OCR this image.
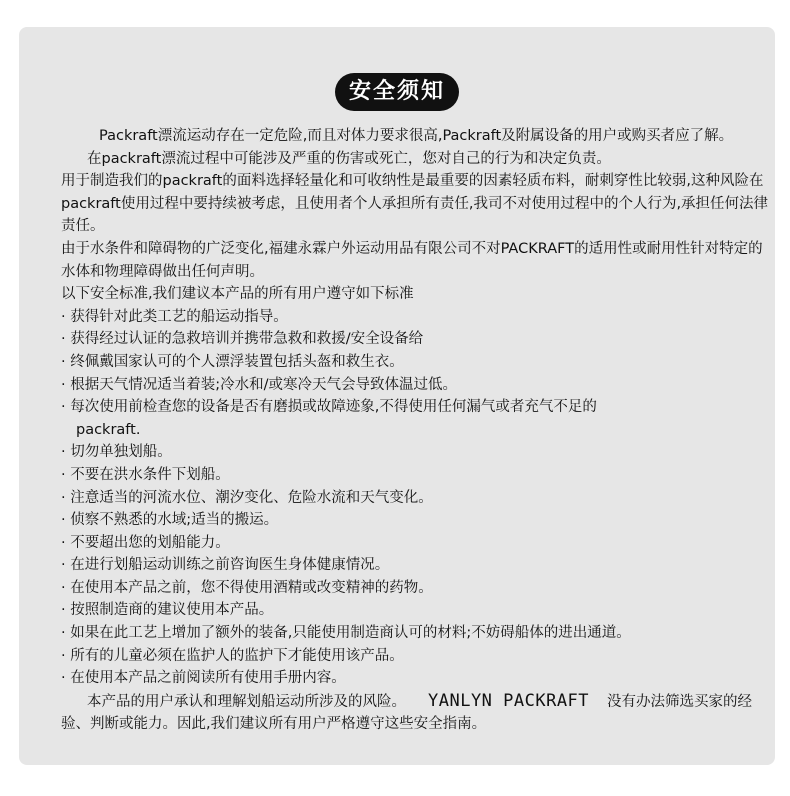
安全须知

Packraft漂流运动存在一定危险,而且对体力要求很高,Packraft及附属设备的用户或购买者应了解。

在packraft漂流过程中可能涉及严重的伤害或死亡，您对自己的行为和决定负责。

用于制造我们的packraft的面料选择轻量化和可收纳性是最重要的因素轻质布料，耐刺穿性比较弱,这种风险在packraft使用过程中要持续被考虑，且使用者个人承担所有责任,我司不对使用过程中的个人行为,承担任何法律责任。

由于水条件和障碍物的广泛变化,福建永霖户外运动用品有限公司不对PACKRAFT的适用性或耐用性针对特定的水体和物理障碍做出任何声明。

以下安全标准,我们建议本产品的所有用户遵守如下标准

· 获得针对此类工艺的船运动指导。

· 获得经过认证的急救培训并携带急救和救援/安全设备给

· 终佩戴国家认可的个人漂浮装置包括头盔和救生衣。

· 根据天气情况适当着装;冷水和/或寒冷天气会导致体温过低。

· 每次使用前检查您的设备是否有磨损或故障迹象,不得使用任何漏气或者充气不足的

packraft.

· 切勿单独划船。

· 不要在洪水条件下划船。

· 注意适当的河流水位、潮汐变化、危险水流和天气变化。

· 侦察不熟悉的水域;适当的搬运。

· 不要超出您的划船能力。

· 在进行划船运动训练之前咨询医生身体健康情况。

· 在使用本产品之前，您不得使用酒精或改变精神的药物。

· 按照制造商的建议使用本产品。

· 如果在此工艺上增加了额外的装备,只能使用制造商认可的材料;不妨碍船体的进出通道。

· 所有的儿童必须在监护人的监护下才能使用该产品。

· 在使用本产品之前阅读所有使用手册内容。

本产品的用户承认和理解划船运动所涉及的风险。 YANLYN PACKRAFT 没有办法筛选买家的经验、判断或能力。因此,我们建议所有用户严格遵守这些安全指南。
